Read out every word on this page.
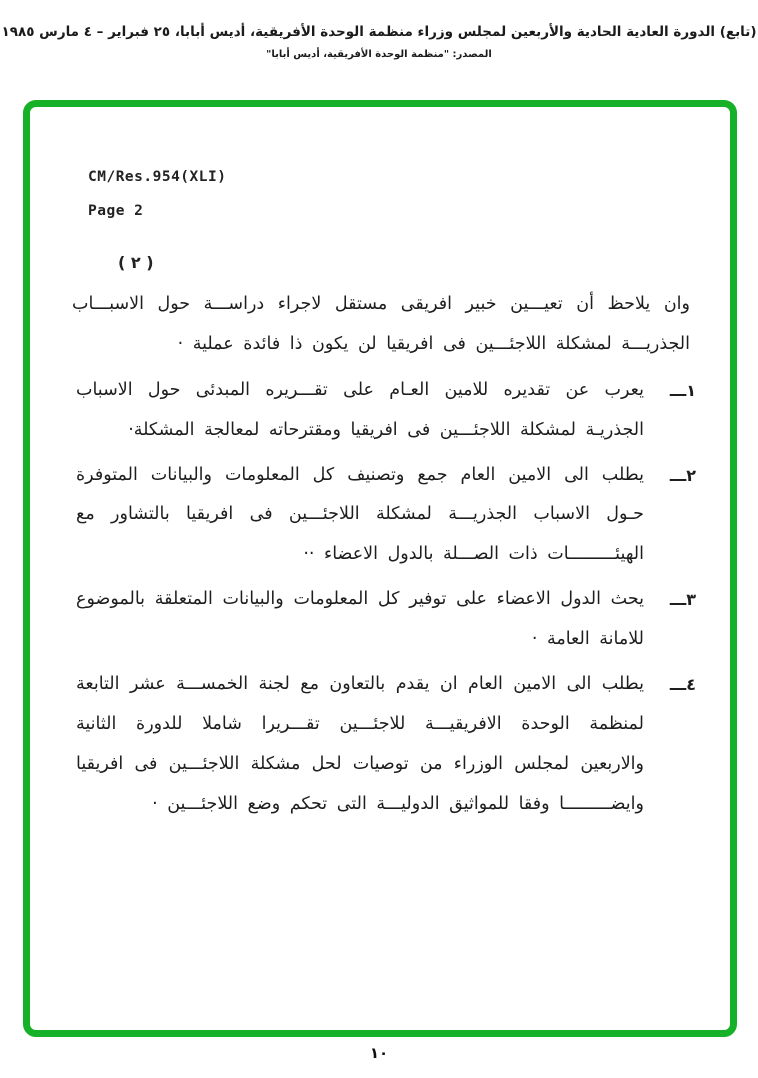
(تابع) الدورة العادية الحادية والأربعين لمجلس وزراء منظمة الوحدة الأفريقية، أديس أبابا، ٢٥ فبراير – ٤ مارس ١٩٨٥
المصدر: "منظمة الوحدة الأفريقية، أديس أبابا"
CM/Res.954(XLI)
Page 2
( ٢ )

وان يلاحظ أن تعيـــين خبير افريقى مستقل لاجراء دراســـة حول الاسبـــاب الجذريـــة لمشكلة اللاجئـــين فى افريقيا لن يكون ذا فائدة عملية ·

١ـــ
يعرب عن تقديره للامين العـام على تقـــريره المبدئى حول الاسباب الجذريـة لمشكلة اللاجئـــين فى افريقيا ومقترحاته لمعالجة المشكلة·
٢ـــ
يطلب الى الامين العام جمع وتصنيف كل المعلومات والبيانات المتوفرة حـول الاسباب الجذريـــة لمشكلة اللاجئـــين فى افريقيا بالتشاور مع الهيئـــــــــات ذات الصـــلة بالدول الاعضاء ··
٣ـــ
يحث الدول الاعضاء على توفير كل المعلومات والبيانات المتعلقة بالموضوع للامانة العامة ·
٤ـــ
يطلب الى الامين العام ان يقدم بالتعاون مع لجنة الخمســـة عشر التابعة لمنظمة الوحدة الافريقيـــة للاجئـــين تقـــريرا شاملا للدورة الثانية والاربعين لمجلس الوزراء من توصيات لحل مشكلة اللاجئـــين فى افريقيا وايضـــــــــا وفقا للمواثيق الدوليـــة التى تحكم وضع اللاجئـــين ·
١٠
